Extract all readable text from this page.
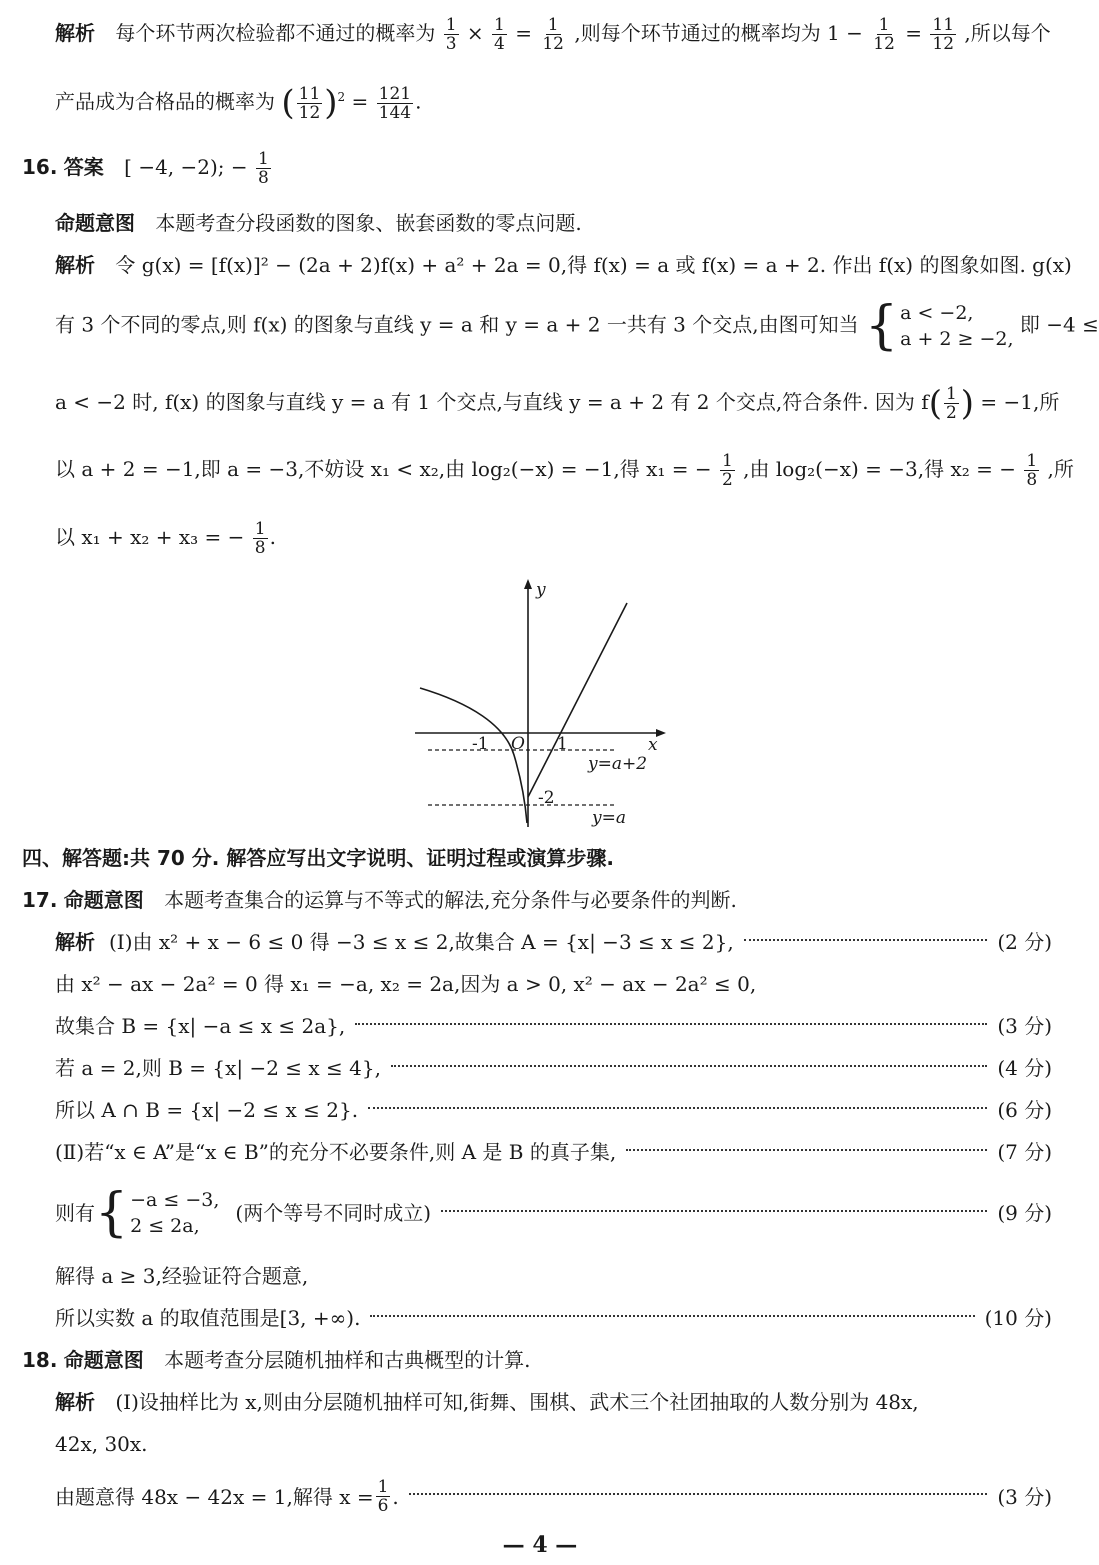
解析 每个环节两次检验都不通过的概率为 $\frac{1}{3} \times \frac{1}{4} = \frac{1}{12}$ ,则每个环节通过的概率均为 $1 - \frac{1}{12} = \frac{11}{12}$ ,所以每个
产品成为合格品的概率为 ( $\frac{11}{12} )^2 = \frac{121}{144}$ .
16. 答案 [ −4, −2); − $\frac{1}{8}$
命题意图 本题考查分段函数的图象、嵌套函数的零点问题.
解析 令 g(x) = [f(x)]² − (2a + 2)f(x) + a² + 2a = 0,得 f(x) = a 或 f(x) = a + 2. 作出 f(x) 的图象如图. g(x)
有 3 个不同的零点,则 f(x) 的图象与直线 y = a 和 y = a + 2 一共有 3 个交点,由图可知当 { a < −2,
a + 2 ≥ −2,
即 −4 ≤
a < −2 时, f(x) 的图象与直线 y = a 有 1 个交点,与直线 y = a + 2 有 2 个交点,符合条件. 因为 $f( \frac{1}{2}$ ) = −1,所
以 a + 2 = −1,即 a = −3,不妨设 x₁ < x₂,由 log₂(−x) = −1,得 x₁ = − $\frac{1}{2}$ ,由 log₂(−x) = −3,得 x₂ = − $\frac{1}{8}$ ,所
以 x₁ + x₂ + x₃ = − $\frac{1}{8}$ .
y
x
-1 O 1
-2
y=a+2
y=a
四、解答题:共 70 分. 解答应写出文字说明、证明过程或演算步骤.
17. 命题意图 本题考查集合的运算与不等式的解法,充分条件与必要条件的判断.
解析 (Ⅰ)由 x² + x − 6 ≤ 0 得 −3 ≤ x ≤ 2,故集合 A = {x| −3 ≤ x ≤ 2},	(2 分)
由 x² − ax − 2a² = 0 得 x₁ = −a, x₂ = 2a,因为 a > 0, x² − ax − 2a² ≤ 0,
故集合 B = {x| −a ≤ x ≤ 2a},	(3 分)
若 a = 2,则 B = {x| −2 ≤ x ≤ 4},	(4 分)
所以 A ∩ B = {x| −2 ≤ x ≤ 2}.	(6 分)
(Ⅱ)若“x ∈ A”是“x ∈ B”的充分不必要条件,则 A 是 B 的真子集,	(7 分)
则有 { −a ≤ −3,
2 ≤ 2a,
(两个等号不同时成立)	(9 分)
解得 a ≥ 3,经验证符合题意,
所以实数 a 的取值范围是[3, +∞).	(10 分)
18. 命题意图 本题考查分层随机抽样和古典概型的计算.
解析 (Ⅰ)设抽样比为 x,则由分层随机抽样可知,街舞、围棋、武术三个社团抽取的人数分别为 48x,
42x, 30x.
由题意得 48x − 42x = 1,解得 $x = \frac{1}{6}$ .	(3 分)
— 4 —
